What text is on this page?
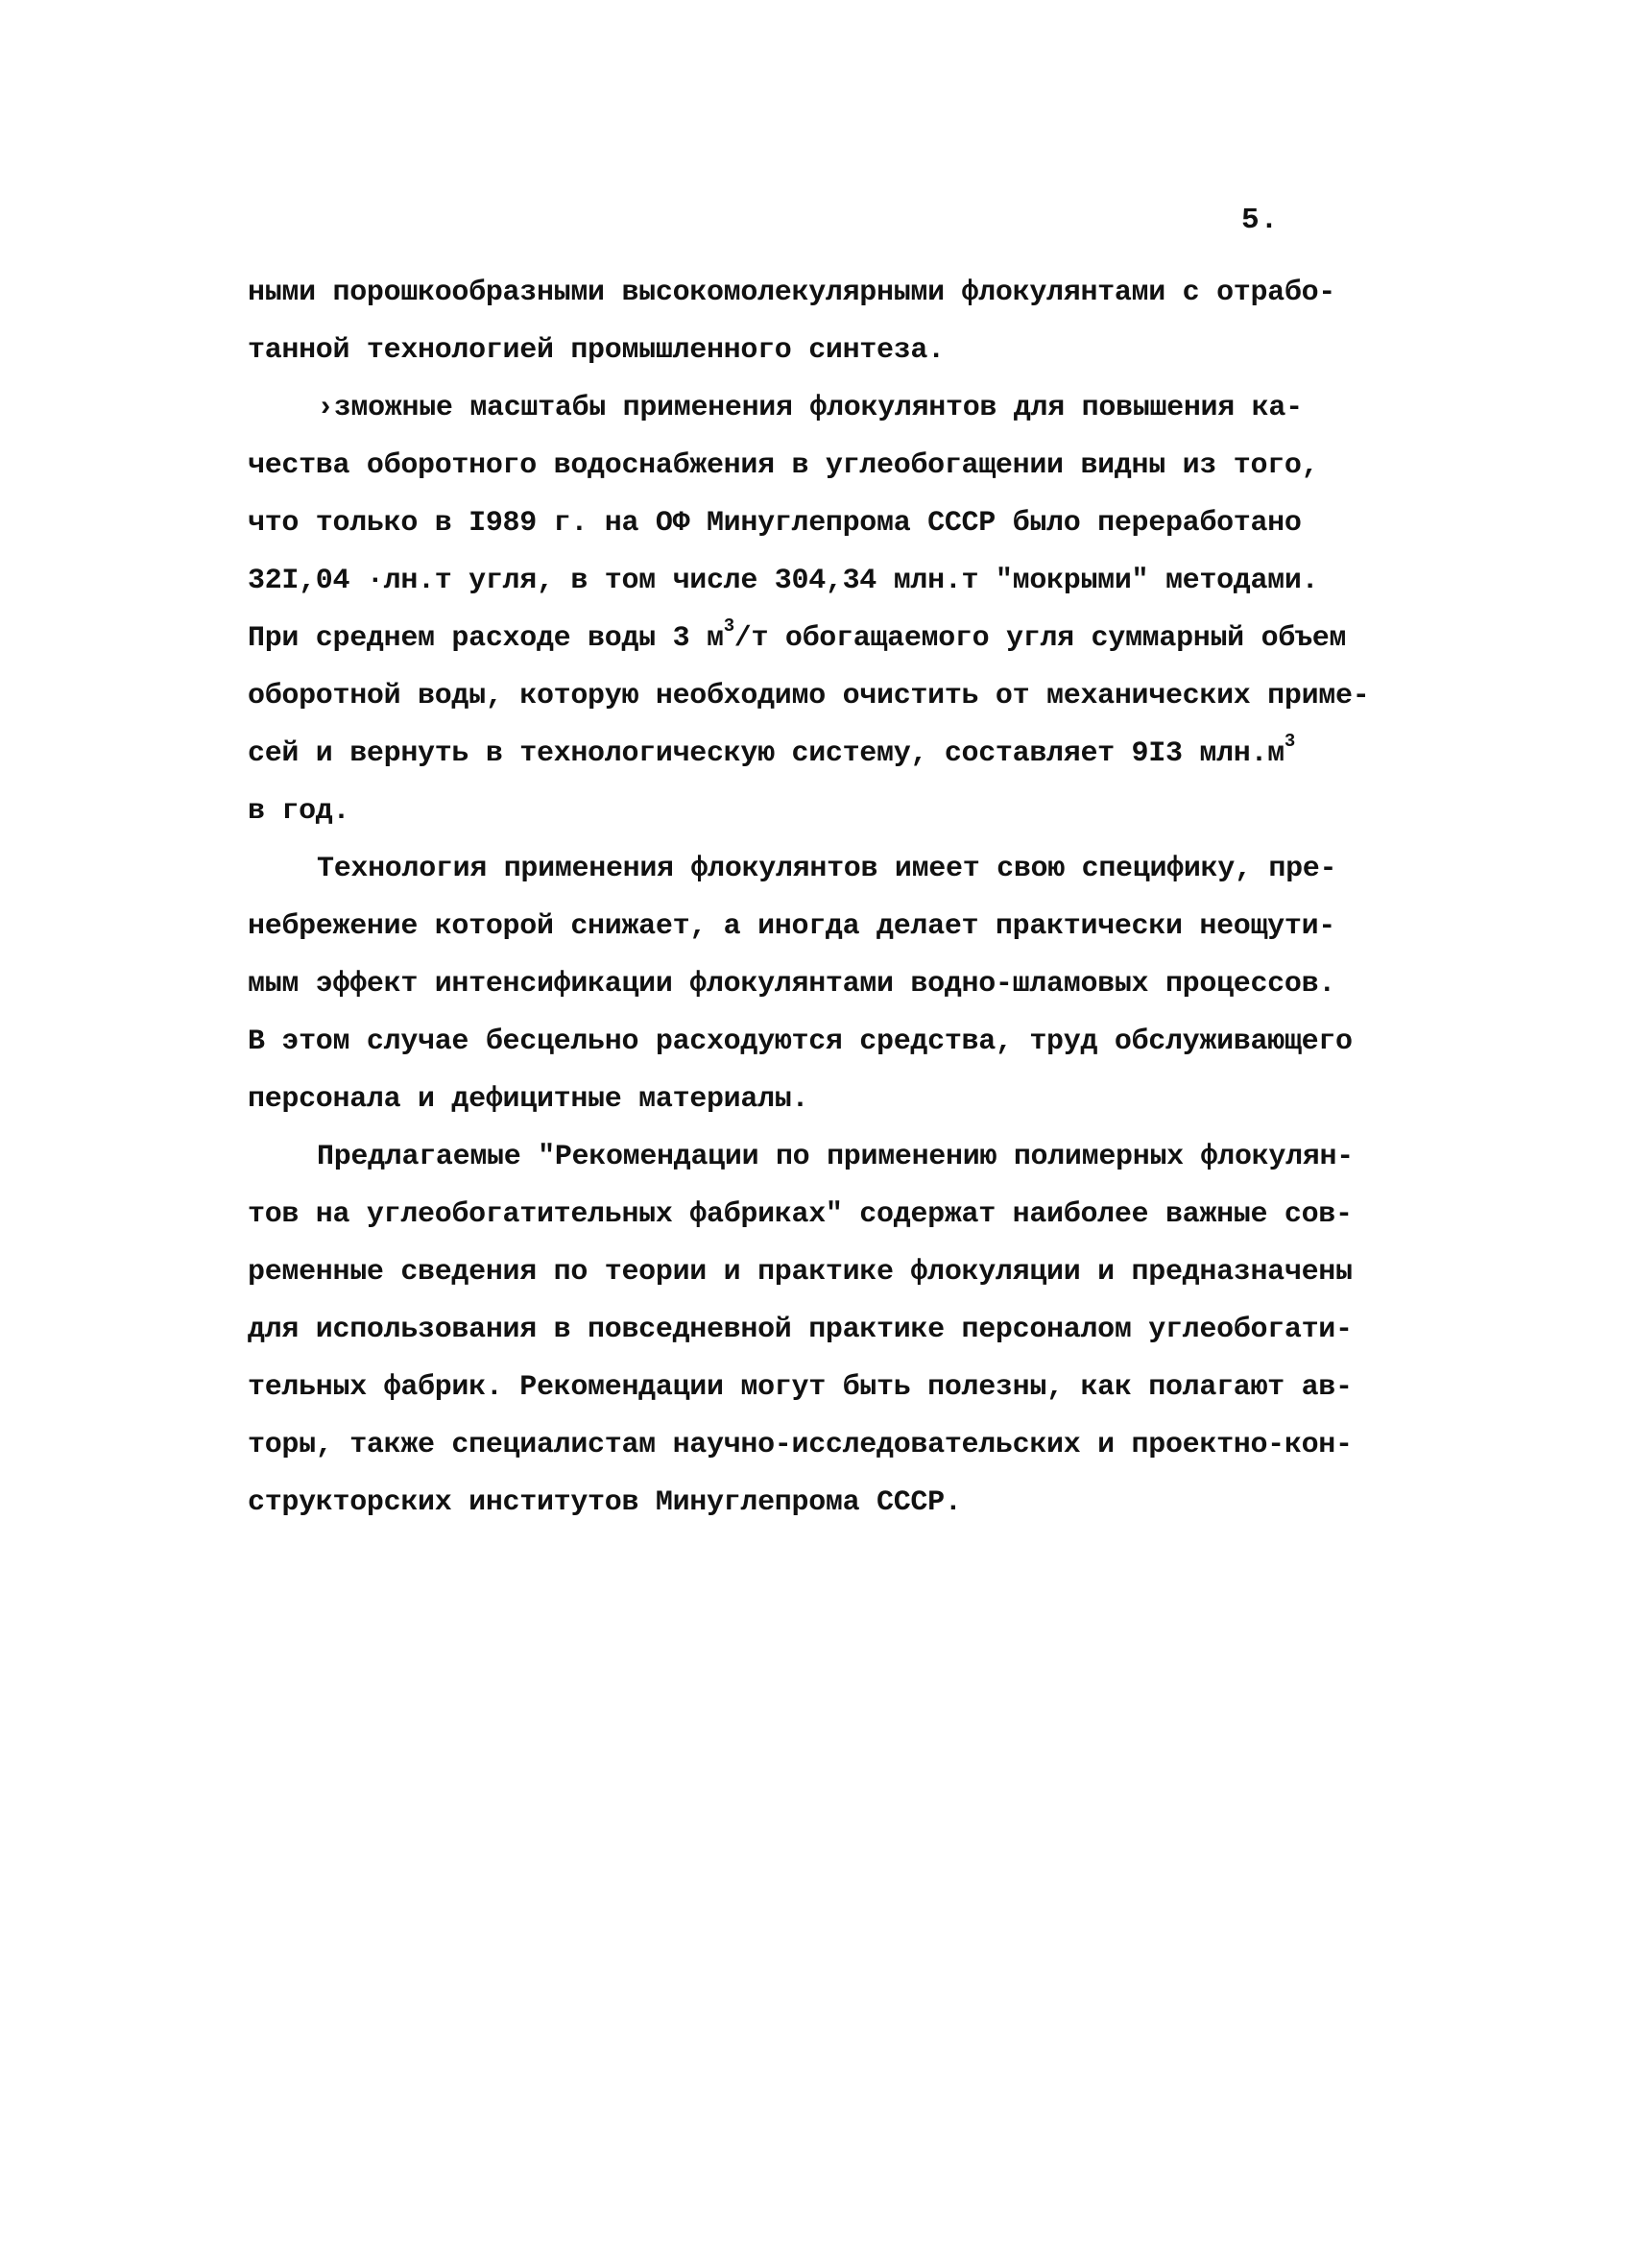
5.
ными порошкообразными высокомолекулярными флокулянтами с отрабо-
танной технологией промышленного синтеза.
›зможные масштабы применения флокулянтов для повышения ка-
чества оборотного водоснабжения в углеобогащении видны из того,
что только в I989 г. на ОФ Минуглепрома СССР было переработано
32I,04 ·лн.т угля, в том числе 304,34 млн.т "мокрыми" методами.
При среднем расходе воды 3 $м^3/т$ обогащаемого угля суммарный объем
оборотной воды, которую необходимо очистить от механических приме-
сей и вернуть в технологическую систему, составляет 9I3 $млн.м^3$
в год.
Технология применения флокулянтов имеет свою специфику, пре-
небрежение которой снижает, а иногда делает практически неощути-
мым эффект интенсификации флокулянтами водно-шламовых процессов.
В этом случае бесцельно расходуются средства, труд обслуживающего
персонала и дефицитные материалы.
Предлагаемые "Рекомендации по применению полимерных флокулян-
тов на углеобогатительных фабриках" содержат наиболее важные сов-
ременные сведения по теории и практике флокуляции и предназначены
для использования в повседневной практике персоналом углеобогати-
тельных фабрик. Рекомендации могут быть полезны, как полагают ав-
торы, также специалистам научно-исследовательских и проектно-кон-
структорских институтов Минуглепрома СССР.
